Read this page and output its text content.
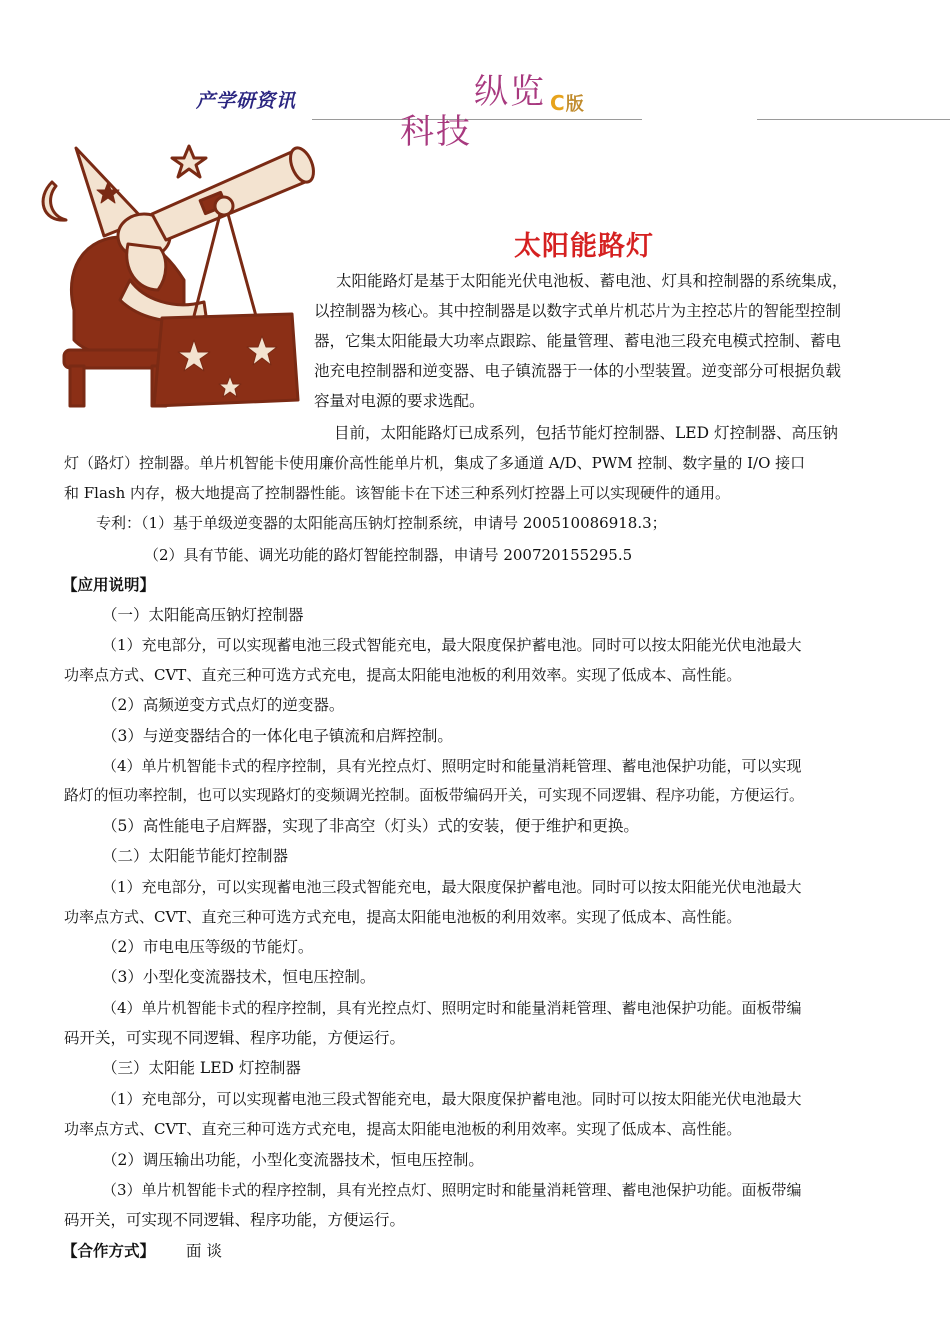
产学研资讯	纵览
科技
C版
太阳能路灯
太阳能路灯是基于太阳能光伏电池板、蓄电池、灯具和控制器的系统集成，
以控制器为核心。其中控制器是以数字式单片机芯片为主控芯片的智能型控制
器，它集太阳能最大功率点跟踪、能量管理、蓄电池三段充电模式控制、蓄电
池充电控制器和逆变器、电子镇流器于一体的小型装置。逆变部分可根据负载
容量对电源的要求选配。
目前，太阳能路灯已成系列，包括节能灯控制器、LED 灯控制器、高压钠
灯（路灯）控制器。单片机智能卡使用廉价高性能单片机，集成了多通道 A/D、PWM 控制、数字量的 I/O 接口
和 Flash 内存，极大地提高了控制器性能。该智能卡在下述三种系列灯控器上可以实现硬件的通用。
专利：（1）基于单级逆变器的太阳能高压钠灯控制系统，申请号 200510086918.3；
（2）具有节能、调光功能的路灯智能控制器，申请号 200720155295.5
【应用说明】
（一）太阳能高压钠灯控制器
（1）充电部分，可以实现蓄电池三段式智能充电，最大限度保护蓄电池。同时可以按太阳能光伏电池最大
功率点方式、CVT、直充三种可选方式充电，提高太阳能电池板的利用效率。实现了低成本、高性能。
（2）高频逆变方式点灯的逆变器。
（3）与逆变器结合的一体化电子镇流和启辉控制。
（4）单片机智能卡式的程序控制，具有光控点灯、照明定时和能量消耗管理、蓄电池保护功能，可以实现
路灯的恒功率控制，也可以实现路灯的变频调光控制。面板带编码开关，可实现不同逻辑、程序功能，方便运行。
（5）高性能电子启辉器，实现了非高空（灯头）式的安装，便于维护和更换。
（二）太阳能节能灯控制器
（1）充电部分，可以实现蓄电池三段式智能充电，最大限度保护蓄电池。同时可以按太阳能光伏电池最大
功率点方式、CVT、直充三种可选方式充电，提高太阳能电池板的利用效率。实现了低成本、高性能。
（2）市电电压等级的节能灯。
（3）小型化变流器技术，恒电压控制。
（4）单片机智能卡式的程序控制，具有光控点灯、照明定时和能量消耗管理、蓄电池保护功能。面板带编
码开关，可实现不同逻辑、程序功能，方便运行。
（三）太阳能 LED 灯控制器
（1）充电部分，可以实现蓄电池三段式智能充电，最大限度保护蓄电池。同时可以按太阳能光伏电池最大
功率点方式、CVT、直充三种可选方式充电，提高太阳能电池板的利用效率。实现了低成本、高性能。
（2）调压输出功能，小型化变流器技术，恒电压控制。
（3）单片机智能卡式的程序控制，具有光控点灯、照明定时和能量消耗管理、蓄电池保护功能。面板带编
码开关，可实现不同逻辑、程序功能，方便运行。
【合作方式】 面 谈
